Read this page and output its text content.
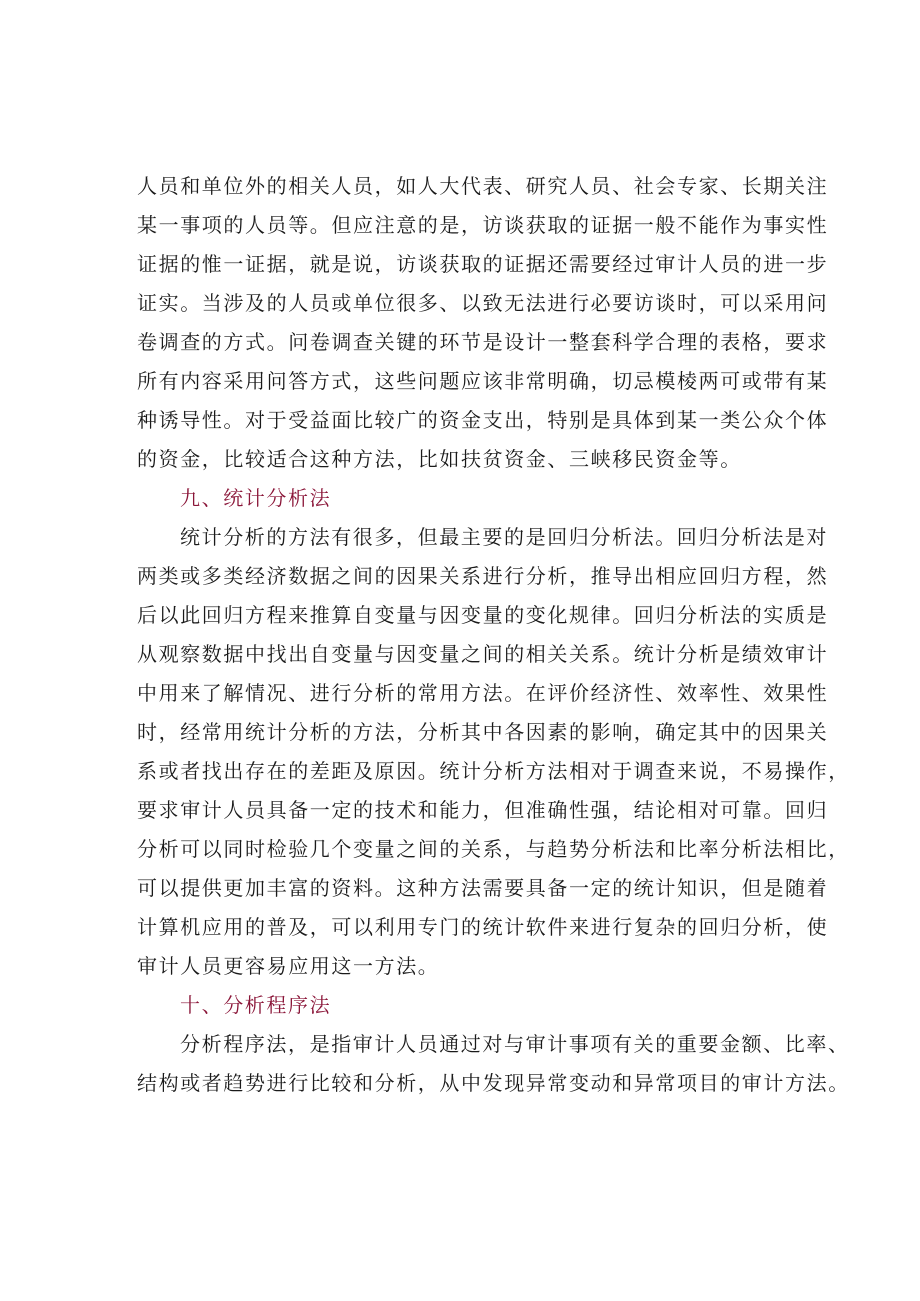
人员和单位外的相关人员，如人大代表、研究人员、社会专家、长期关注
某一事项的人员等。但应注意的是，访谈获取的证据一般不能作为事实性
证据的惟一证据，就是说，访谈获取的证据还需要经过审计人员的进一步
证实。当涉及的人员或单位很多、以致无法进行必要访谈时，可以采用问
卷调查的方式。问卷调查关键的环节是设计一整套科学合理的表格，要求
所有内容采用问答方式，这些问题应该非常明确，切忌模棱两可或带有某
种诱导性。对于受益面比较广的资金支出，特别是具体到某一类公众个体
的资金，比较适合这种方法，比如扶贫资金、三峡移民资金等。
九、统计分析法
统计分析的方法有很多，但最主要的是回归分析法。回归分析法是对
两类或多类经济数据之间的因果关系进行分析，推导出相应回归方程，然
后以此回归方程来推算自变量与因变量的变化规律。回归分析法的实质是
从观察数据中找出自变量与因变量之间的相关关系。统计分析是绩效审计
中用来了解情况、进行分析的常用方法。在评价经济性、效率性、效果性
时，经常用统计分析的方法，分析其中各因素的影响，确定其中的因果关
系或者找出存在的差距及原因。统计分析方法相对于调查来说，不易操作，
要求审计人员具备一定的技术和能力，但准确性强，结论相对可靠。回归
分析可以同时检验几个变量之间的关系，与趋势分析法和比率分析法相比，
可以提供更加丰富的资料。这种方法需要具备一定的统计知识，但是随着
计算机应用的普及，可以利用专门的统计软件来进行复杂的回归分析，使
审计人员更容易应用这一方法。
十、分析程序法
分析程序法，是指审计人员通过对与审计事项有关的重要金额、比率、
结构或者趋势进行比较和分析，从中发现异常变动和异常项目的审计方法。
